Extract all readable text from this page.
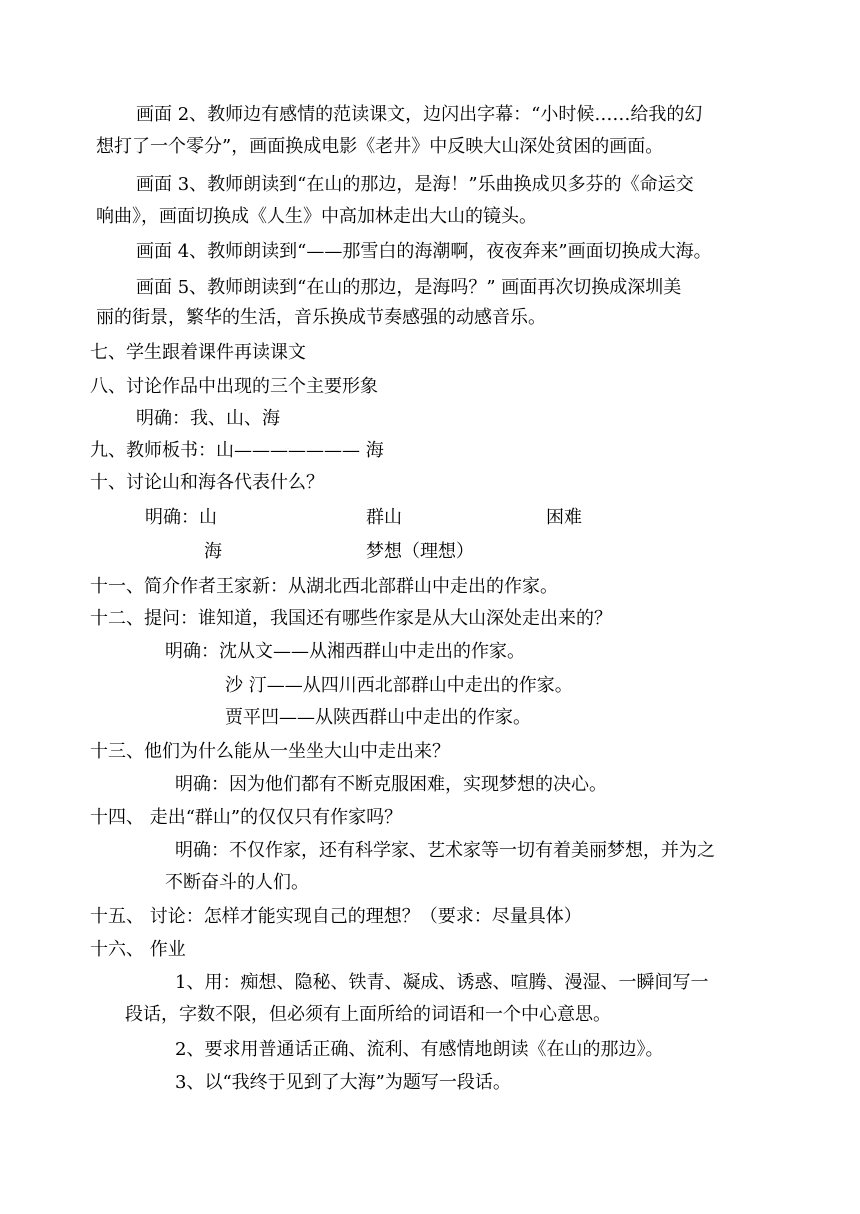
画面 2、教师边有感情的范读课文，边闪出字幕：“小时候……给我的幻
想打了一个零分”，画面换成电影《老井》中反映大山深处贫困的画面。
画面 3、教师朗读到“在山的那边，是海！”乐曲换成贝多芬的《命运交
响曲》，画面切换成《人生》中高加林走出大山的镜头。
画面 4、教师朗读到“——那雪白的海潮啊，夜夜奔来”画面切换成大海。
画面 5、教师朗读到“在山的那边，是海吗？” 画面再次切换成深圳美
丽的街景，繁华的生活，音乐换成节奏感强的动感音乐。
七、学生跟着课件再读课文
八、讨论作品中出现的三个主要形象
明确：我、山、海
九、教师板书：山——————— 海
十、讨论山和海各代表什么？
明确：山	群山	困难
海	梦想（理想）
十一、简介作者王家新：从湖北西北部群山中走出的作家。
十二、提问：谁知道，我国还有哪些作家是从大山深处走出来的？
明确：沈从文——从湘西群山中走出的作家。
沙 汀——从四川西北部群山中走出的作家。
贾平凹——从陕西群山中走出的作家。
十三、他们为什么能从一坐坐大山中走出来？
明确：因为他们都有不断克服困难，实现梦想的决心。
十四、 走出“群山”的仅仅只有作家吗？
明确：不仅作家，还有科学家、艺术家等一切有着美丽梦想，并为之
不断奋斗的人们。
十五、 讨论：怎样才能实现自己的理想？（要求：尽量具体）
十六、 作业
1、用：痴想、隐秘、铁青、凝成、诱惑、喧腾、漫湿、一瞬间写一
段话，字数不限，但必须有上面所给的词语和一个中心意思。
2、要求用普通话正确、流利、有感情地朗读《在山的那边》。
3、以“我终于见到了大海”为题写一段话。
